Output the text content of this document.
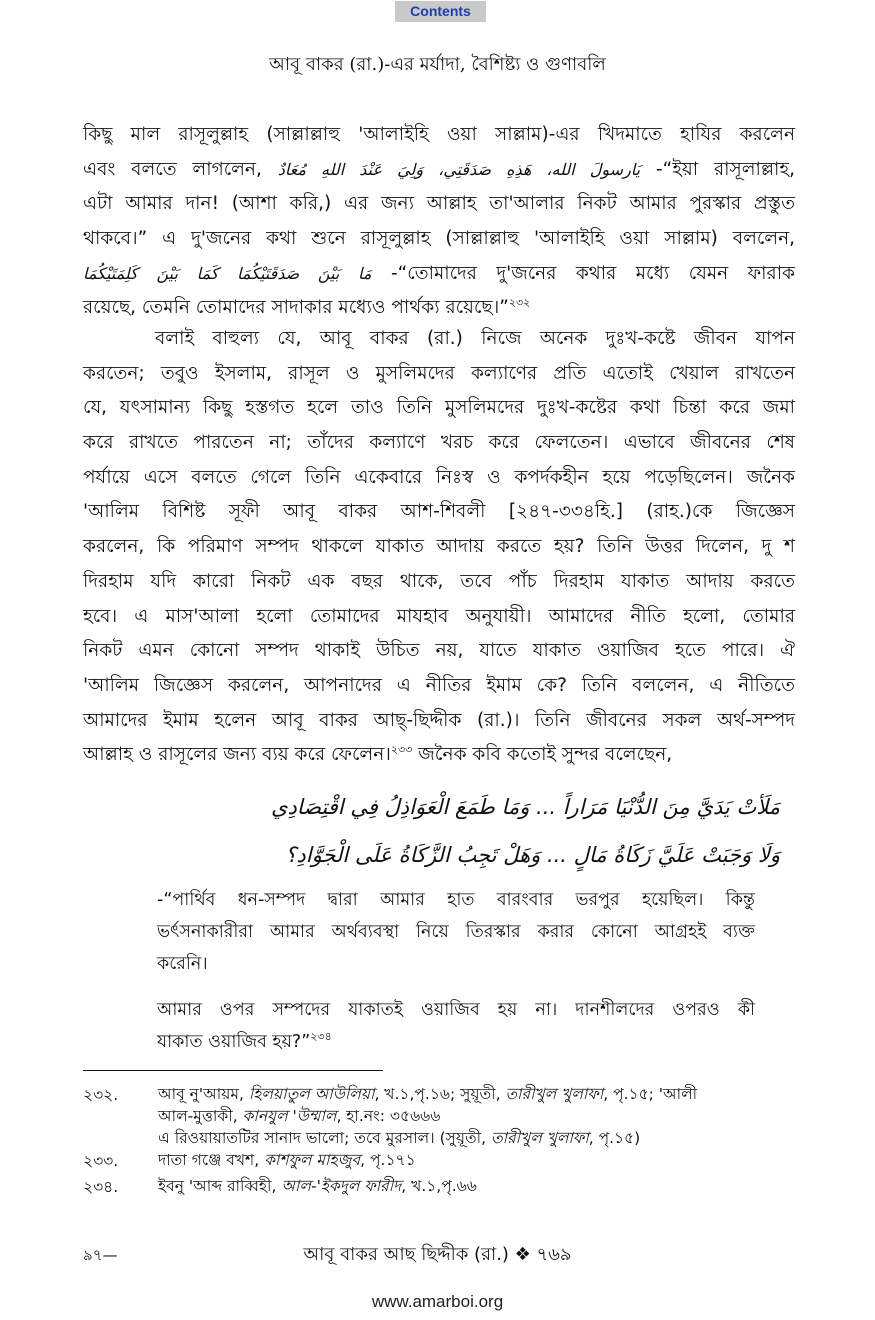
Contents
আবূ বাকর (রা.)-এর মর্যাদা, বৈশিষ্ট্য ও গুণাবলি
কিছু মাল রাসূলুল্লাহ (সাল্লাল্লাহু 'আলাইহি ওয়া সাল্লাম)-এর খিদমাতে হাযির করলেন
এবং বলতে লাগলেন, يَارسولَ الله، هَذِهِ صَدَقَتِي، وَلِيَ عَنْدَ اللهِ مُعَادٌ -“ইয়া রাসূলাল্লাহ,
এটা আমার দান! (আশা করি,) এর জন্য আল্লাহ তা'আলার নিকট আমার পুরস্কার প্রস্তুত
থাকবে।” এ দু'জনের কথা শুনে রাসূলুল্লাহ (সাল্লাল্লাহু 'আলাইহি ওয়া সাল্লাম) বললেন,
مَا بَيْنَ صَدَقَتَيْكُمَا كَمَا بَيْنَ كَلِمَتَيْكُمَا -“তোমাদের দু'জনের কথার মধ্যে যেমন ফারাক
রয়েছে, তেমনি তোমাদের সাদাকার মধ্যেও পার্থক্য রয়েছে।”$^{২৩২}$
বলাই বাহুল্য যে, আবূ বাকর (রা.) নিজে অনেক দুঃখ-কষ্টে জীবন যাপন
করতেন; তবুও ইসলাম, রাসূল ও মুসলিমদের কল্যাণের প্রতি এতোই খেয়াল রাখতেন
যে, যৎসামান্য কিছু হস্তগত হলে তাও তিনি মুসলিমদের দুঃখ-কষ্টের কথা চিন্তা করে জমা
করে রাখতে পারতেন না; তাঁদের কল্যাণে খরচ করে ফেলতেন। এভাবে জীবনের শেষ
পর্যায়ে এসে বলতে গেলে তিনি একেবারে নিঃস্ব ও কপর্দকহীন হয়ে পড়েছিলেন। জনৈক
'আলিম বিশিষ্ট সূফী আবূ বাকর আশ-শিবলী [২৪৭-৩৩৪হি.] (রাহ.)কে জিজ্ঞেস
করলেন, কি পরিমাণ সম্পদ থাকলে যাকাত আদায় করতে হয়? তিনি উত্তর দিলেন, দু শ
দিরহাম যদি কারো নিকট এক বছর থাকে, তবে পাঁচ দিরহাম যাকাত আদায় করতে
হবে। এ মাস'আলা হলো তোমাদের মাযহাব অনুযায়ী। আমাদের নীতি হলো, তোমার
নিকট এমন কোনো সম্পদ থাকাই উচিত নয়, যাতে যাকাত ওয়াজিব হতে পারে। ঐ
'আলিম জিজ্ঞেস করলেন, আপনাদের এ নীতির ইমাম কে? তিনি বললেন, এ নীতিতে
আমাদের ইমাম হলেন আবূ বাকর আছ্-ছিদ্দীক (রা.)। তিনি জীবনের সকল অর্থ-সম্পদ
আল্লাহ ও রাসূলের জন্য ব্যয় করে ফেলেন।$^{২৩৩}$ জনৈক কবি কতোই সুন্দর বলেছেন,
مَلَأتْ يَدَيَّ مِنَ الدُّنْيَا مَرَاراً ... وَمَا طَمَعَ الْعَوَاذِلُ فِي اقْتِصَادِي
وَلَا وَجَبَتْ عَلَيَّ زَكَاةُ مَالٍ ... وَهَلْ تَجِبُ الزَّكَاةُ عَلَى الْجَوَّادِ؟
-“পার্থিব ধন-সম্পদ দ্বারা আমার হাত বারংবার ভরপুর হয়েছিল। কিন্তু
ভর্ৎসনাকারীরা আমার অর্থব্যবস্থা নিয়ে তিরস্কার করার কোনো আগ্রহই ব্যক্ত
করেনি।
আমার ওপর সম্পদের যাকাতই ওয়াজিব হয় না। দানশীলদের ওপরও কী
যাকাত ওয়াজিব হয়?”$^{২৩৪}$
২৩২.	আবূ নু'আয়ম, হিলয়াতুল আউলিয়া, খ.১,পৃ.১৬; সুয়ূতী, তারীখুল খুলাফা, পৃ.১৫; 'আলী
আল-মুত্তাকী, কানযুল 'উম্মাল, হা.নং: ৩৫৬৬৬
এ রিওয়ায়াতটির সানাদ ভালো; তবে মুরসাল। (সুয়ূতী, তারীখুল খুলাফা, পৃ.১৫)
২৩৩.	দাতা গঞ্জে বখশ, কাশফুল মাহজুব, পৃ.১৭১
২৩৪.	ইবনু 'আব্দ রাব্বিহী, আল-'ইকদুল ফারীদ, খ.১,পৃ.৬৬
৯৭—	আবূ বাকর আছ ছিদ্দীক (রা.) ❖ ৭৬৯
www.amarboi.org
